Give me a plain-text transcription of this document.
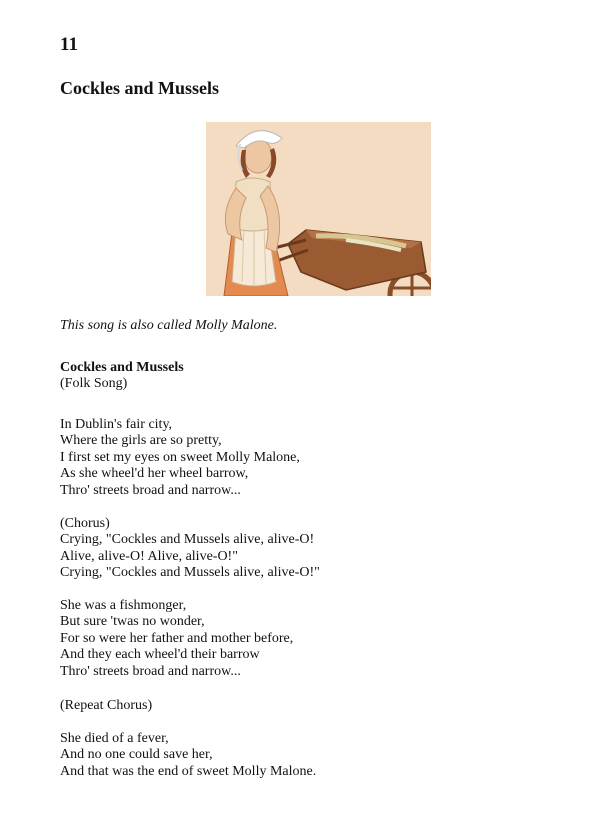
11
Cockles and Mussels
This song is also called Molly Malone.
Cockles and Mussels
(Folk Song)
In Dublin's fair city,
Where the girls are so pretty,
I first set my eyes on sweet Molly Malone,
As she wheel'd her wheel barrow,
Thro' streets broad and narrow...
(Chorus)
Crying, "Cockles and Mussels alive, alive-O!
Alive, alive-O! Alive, alive-O!"
Crying, "Cockles and Mussels alive, alive-O!"
She was a fishmonger,
But sure 'twas no wonder,
For so were her father and mother before,
And they each wheel'd their barrow
Thro' streets broad and narrow...
(Repeat Chorus)
She died of a fever,
And no one could save her,
And that was the end of sweet Molly Malone.
